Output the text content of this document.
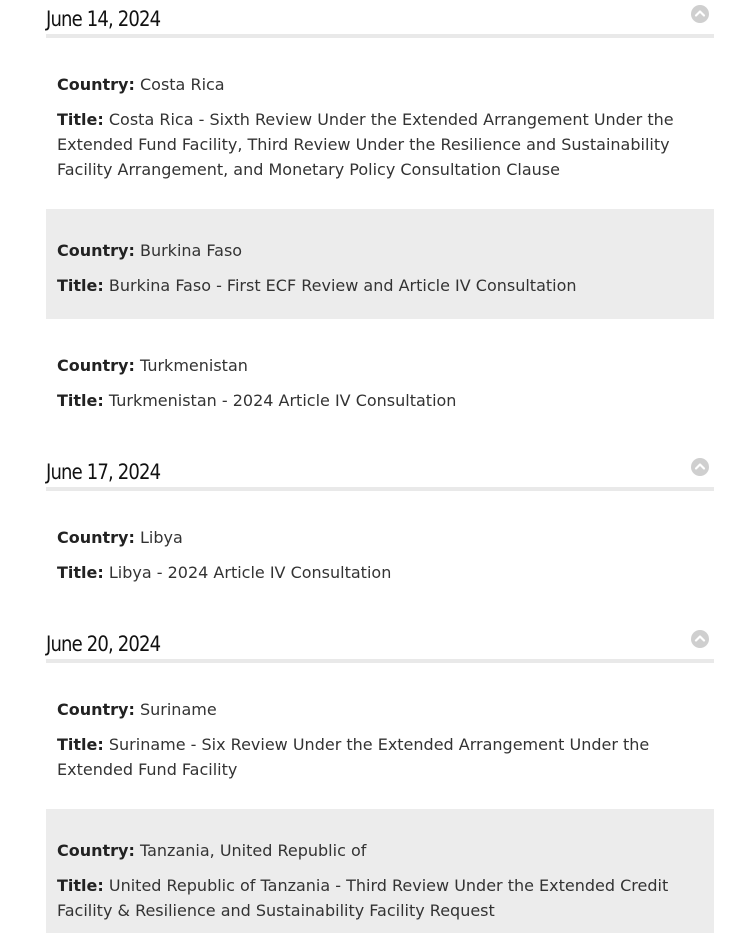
June 14, 2024
Country: Costa Rica
Title: Costa Rica - Sixth Review Under the Extended Arrangement Under the Extended Fund Facility, Third Review Under the Resilience and Sustainability Facility Arrangement, and Monetary Policy Consultation Clause
Country: Burkina Faso
Title: Burkina Faso - First ECF Review and Article IV Consultation
Country: Turkmenistan
Title: Turkmenistan - 2024 Article IV Consultation
June 17, 2024
Country: Libya
Title: Libya - 2024 Article IV Consultation
June 20, 2024
Country: Suriname
Title: Suriname - Six Review Under the Extended Arrangement Under the Extended Fund Facility
Country: Tanzania, United Republic of
Title: United Republic of Tanzania - Third Review Under the Extended Credit Facility & Resilience and Sustainability Facility Request
